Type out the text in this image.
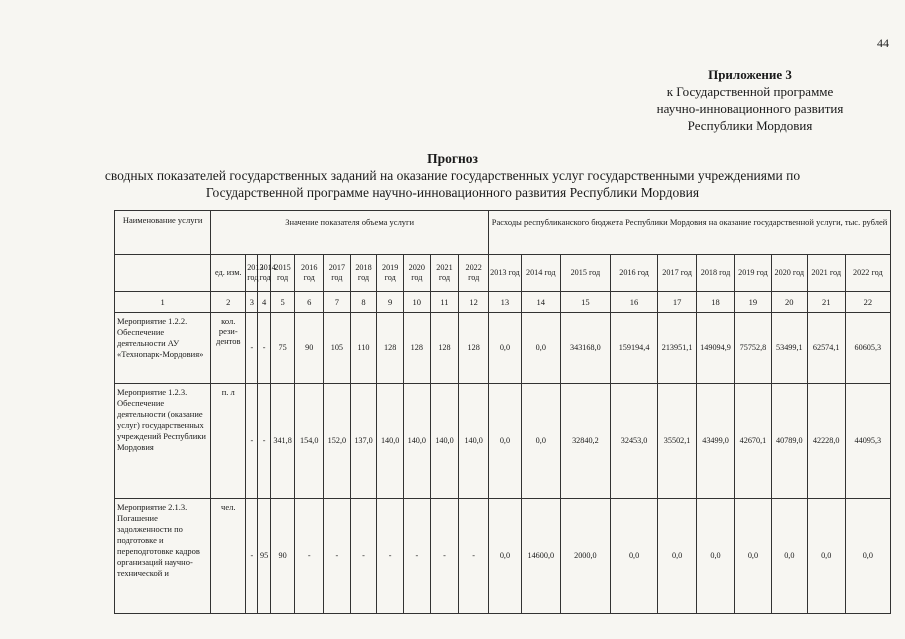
44
Приложение 3
к Государственной программе
научно-инновационного развития
Республики Мордовия
Прогноз
сводных показателей государственных заданий на оказание государственных услуг государственными учреждениями по
Государственной программе научно-инновационного развития Республики Мордовия
Наименование услуги	Значение показателя объема услуги											Расходы республиканского бюджета Республики Мордовия на оказание государственной услуги, тыс. рублей									
	ед. изм.	2013 год	2014 год	2015 год	2016 год	2017 год	2018 год	2019 год	2020 год	2021 год	2022 год	2013 год	2014 год	2015 год	2016 год	2017 год	2018 год	2019 год	2020 год	2021 год	2022 год
1	2	3	4	5	6	7	8	9	10	11	12	13	14	15	16	17	18	19	20	21	22
Мероприятие 1.2.2. Обеспечение деятельности АУ «Технопарк-Мордовия»	кол. рези-дентов	-	-	75	90	105	110	128	128	128	128	0,0	0,0	343168,0	159194,4	213951,1	149094,9	75752,8	53499,1	62574,1	60605,3
Мероприятие 1.2.3. Обеспечение деятельности (оказание услуг) государственных учреждений Республики Мордовия	п. л	-	-	341,8	154,0	152,0	137,0	140,0	140,0	140,0	140,0	0,0	0,0	32840,2	32453,0	35502,1	43499,0	42670,1	40789,0	42228,0	44095,3
Мероприятие 2.1.3. Погашение задолженности по подготовке и переподготовке кадров организаций научно-технической и	чел.	-	95	90	-	-	-	-	-	-	-	0,0	14600,0	2000,0	0,0	0,0	0,0	0,0	0,0	0,0	0,0
